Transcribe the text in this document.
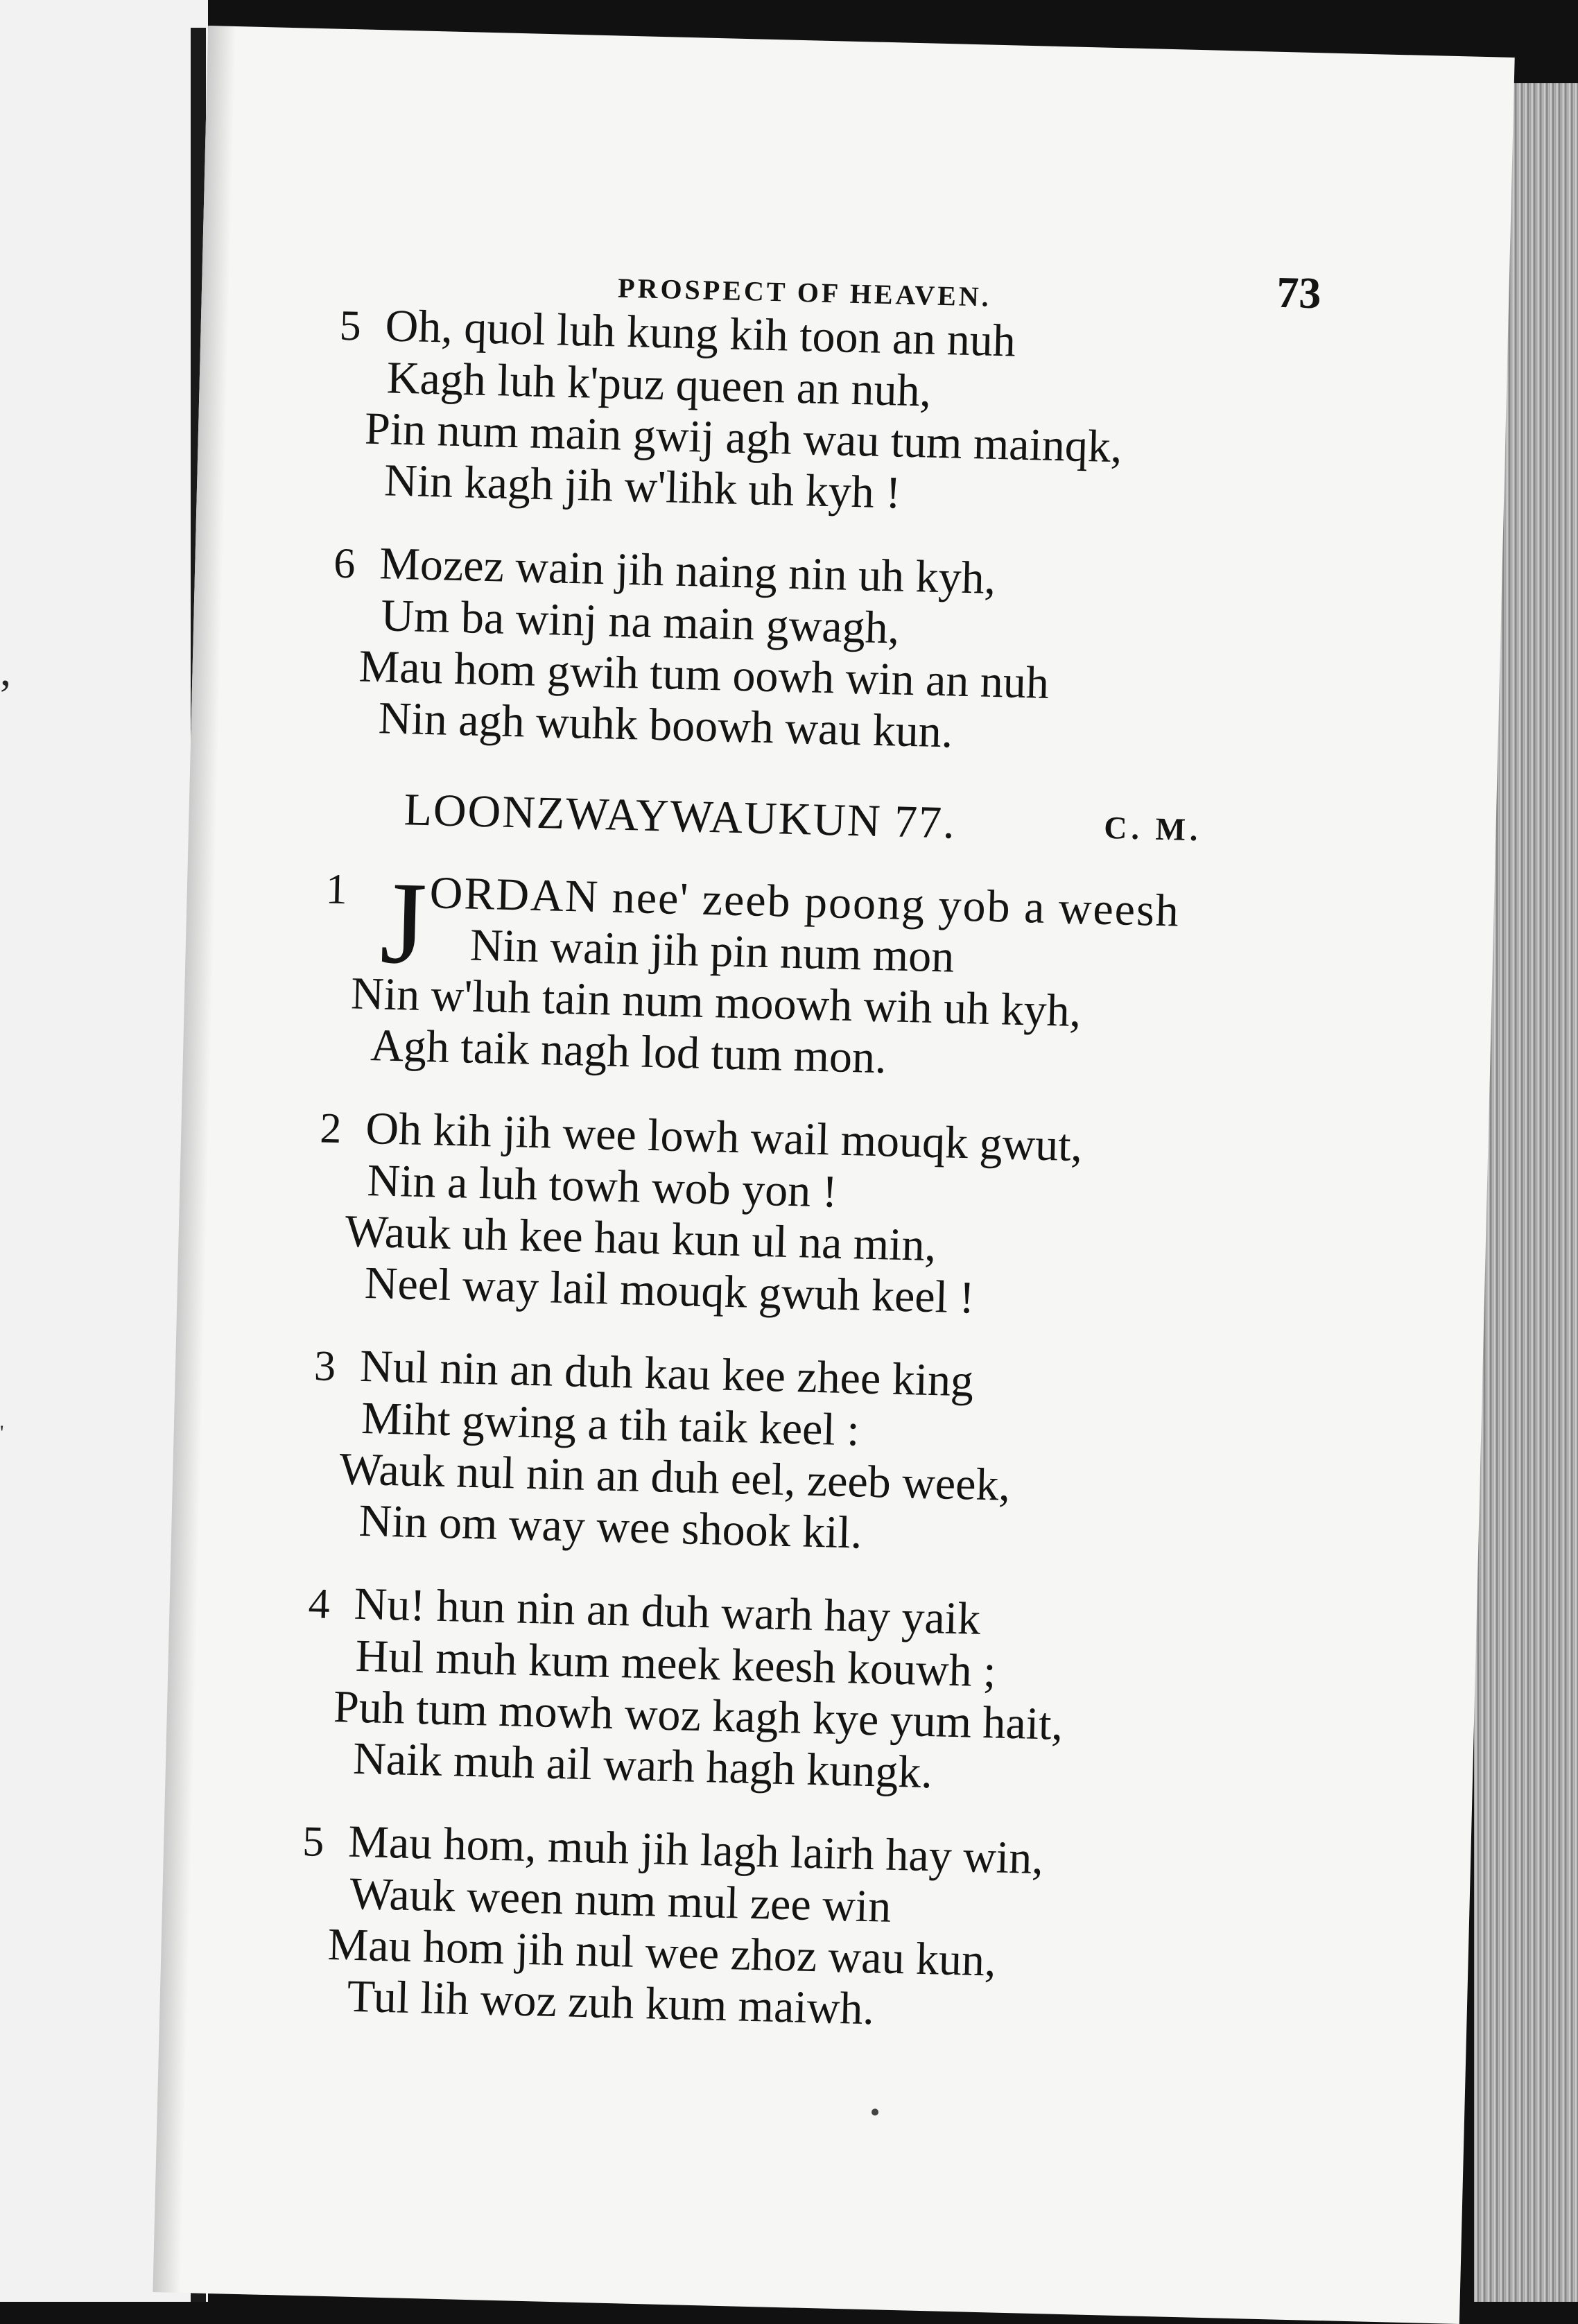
,
'
PROSPECT OF HEAVEN.	73
5 Oh, quol luh kung kih toon an nuh
Kagh luh k'puz queen an nuh,
Pin num main gwij agh wau tum mainqk,
Nin kagh jih w'lihk uh kyh !
6 Mozez wain jih naing nin uh kyh,
Um ba winj na main gwagh,
Mau hom gwih tum oowh win an nuh
Nin agh wuhk boowh wau kun.
LOONZWAYWAUKUN 77.	C. M.
1 J ORDAN nee' zeeb poong yob a weesh
Nin wain jih pin num mon
Nin w'luh tain num moowh wih uh kyh,
Agh taik nagh lod tum mon.
2 Oh kih jih wee lowh wail mouqk gwut,
Nin a luh towh wob yon !
Wauk uh kee hau kun ul na min,
Neel way lail mouqk gwuh keel !
3 Nul nin an duh kau kee zhee king
Miht gwing a tih taik keel :
Wauk nul nin an duh eel, zeeb week,
Nin om way wee shook kil.
4 Nu! hun nin an duh warh hay yaik
Hul muh kum meek keesh kouwh ;
Puh tum mowh woz kagh kye yum hait,
Naik muh ail warh hagh kungk.
5 Mau hom, muh jih lagh lairh hay win,
Wauk ween num mul zee win
Mau hom jih nul wee zhoz wau kun,
Tul lih woz zuh kum maiwh.
